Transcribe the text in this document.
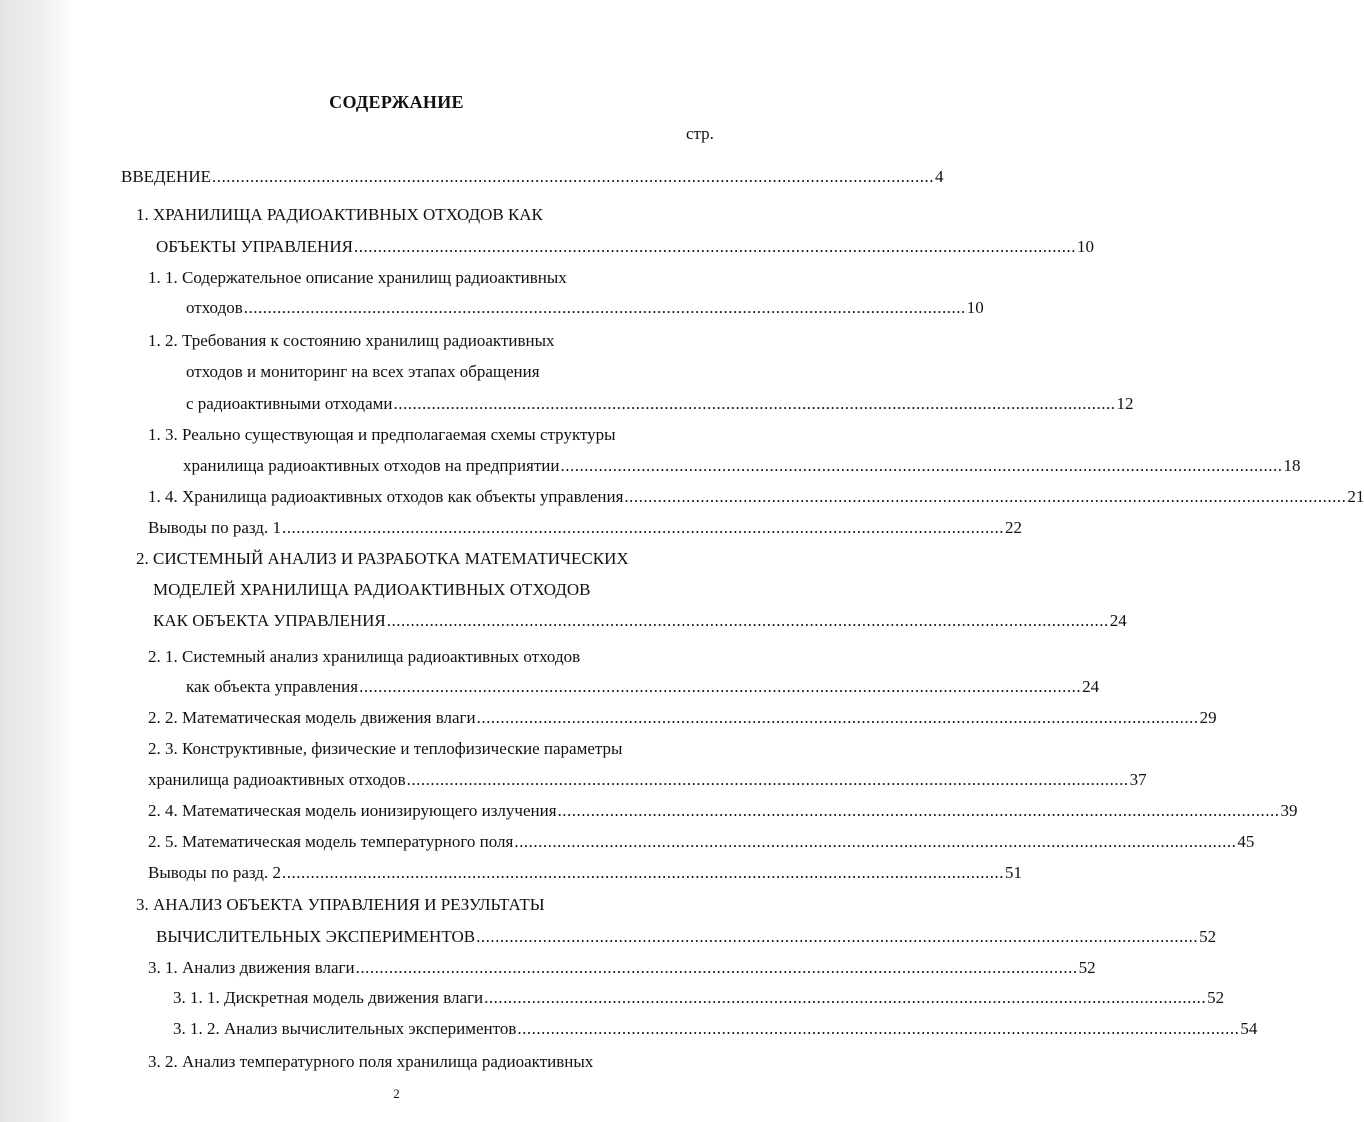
СОДЕРЖАНИЕ
стр.
ВВЕДЕНИЕ ........................................................................................................................................................ 4
1. ХРАНИЛИЩА РАДИОАКТИВНЫХ ОТХОДОВ КАК
ОБЪЕКТЫ УПРАВЛЕНИЯ ........................................................................................................................................................ 10
1. 1. Содержательное описание хранилищ радиоактивных
отходов ........................................................................................................................................................ 10
1. 2. Требования к состоянию хранилищ радиоактивных
отходов и мониторинг на всех этапах обращения
с радиоактивными отходами ........................................................................................................................................................ 12
1. 3. Реально существующая и предполагаемая схемы структуры
хранилища радиоактивных отходов на предприятии ........................................................................................................................................................ 18
1. 4. Хранилища радиоактивных отходов как объекты управления ........................................................................................................................................................ 21
Выводы по разд. 1 ........................................................................................................................................................ 22
2. СИСТЕМНЫЙ АНАЛИЗ И РАЗРАБОТКА МАТЕМАТИЧЕСКИХ
МОДЕЛЕЙ ХРАНИЛИЩА РАДИОАКТИВНЫХ ОТХОДОВ
КАК ОБЪЕКТА УПРАВЛЕНИЯ ........................................................................................................................................................ 24
2. 1. Системный анализ хранилища радиоактивных отходов
как объекта управления ........................................................................................................................................................ 24
2. 2. Математическая модель движения влаги ........................................................................................................................................................ 29
2. 3. Конструктивные, физические и теплофизические параметры
хранилища радиоактивных отходов ........................................................................................................................................................ 37
2. 4. Математическая модель ионизирующего излучения ........................................................................................................................................................ 39
2. 5. Математическая модель температурного поля ........................................................................................................................................................ 45
Выводы по разд. 2 ........................................................................................................................................................ 51
3. АНАЛИЗ ОБЪЕКТА УПРАВЛЕНИЯ И РЕЗУЛЬТАТЫ
ВЫЧИСЛИТЕЛЬНЫХ ЭКСПЕРИМЕНТОВ ........................................................................................................................................................ 52
3. 1. Анализ движения влаги ........................................................................................................................................................ 52
3. 1. 1. Дискретная модель движения влаги ........................................................................................................................................................ 52
3. 1. 2. Анализ вычислительных экспериментов ........................................................................................................................................................ 54
3. 2. Анализ температурного поля хранилища радиоактивных
2
